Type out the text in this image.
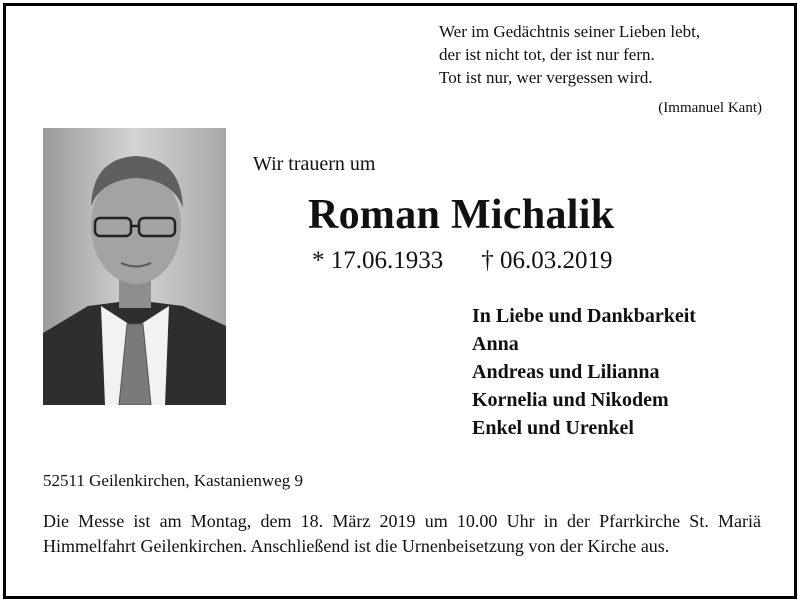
Wer im Gedächtnis seiner Lieben lebt,
der ist nicht tot, der ist nur fern.
Tot ist nur, wer vergessen wird.
(Immanuel Kant)
Wir trauern um
Roman Michalik
* 17.06.1933 † 06.03.2019
In Liebe und Dankbarkeit
Anna
Andreas und Lilianna
Kornelia und Nikodem
Enkel und Urenkel
52511 Geilenkirchen, Kastanienweg 9
Die Messe ist am Montag, dem 18. März 2019 um 10.00 Uhr in der Pfarrkirche St. Mariä Himmelfahrt Geilenkirchen. Anschließend ist die Urnenbeisetzung von der Kirche aus.
